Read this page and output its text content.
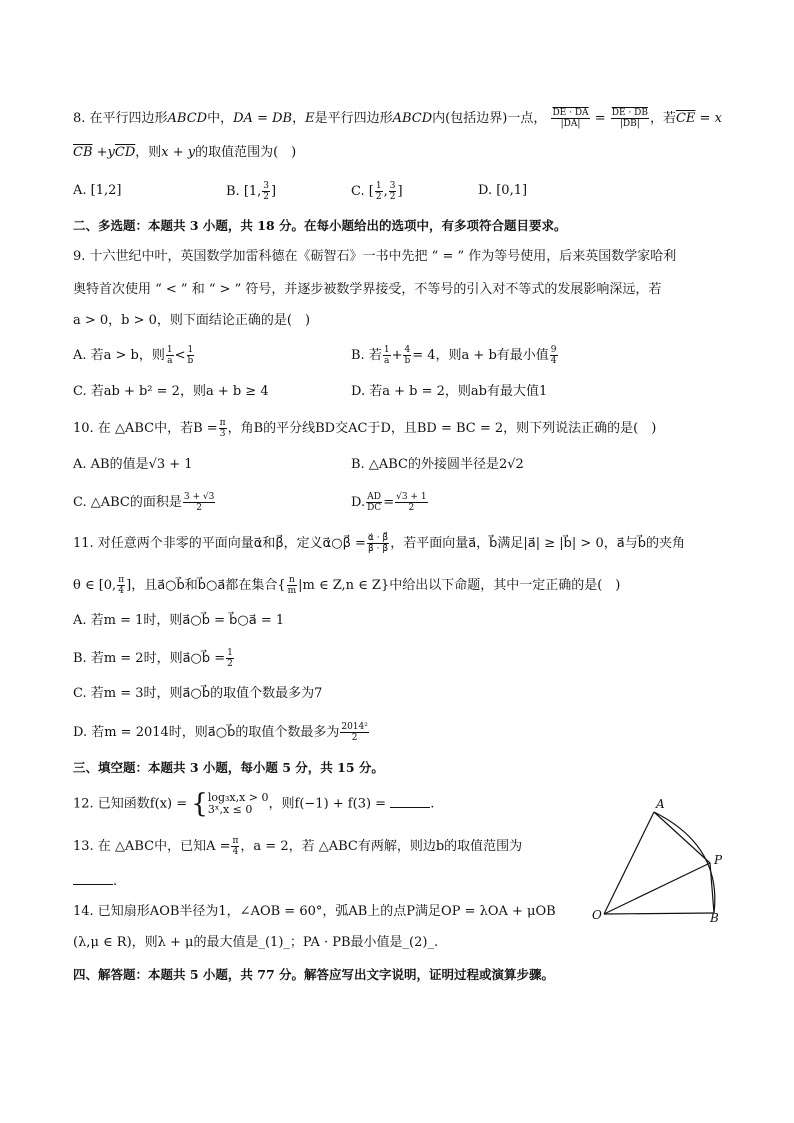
8. 在平行四边形ABCD中，DA = DB，E是平行四边形ABCD内(包括边界)一点， $\frac{DE \cdot DA}{|DA|} = \frac{DE \cdot DB}{|DB|}$ ，若$\overline{CE} = x$
$\overline{CB} +y\overline{CD}$，则x + y的取值范围为(　)
A. [1,2]	B. [1, $\frac{3}{2}$ ]	C. [ $\frac{1}{2}$ , $\frac{3}{2}$ ]	D. [0,1]
二、多选题：本题共 3 小题，共 18 分。在每小题给出的选项中，有多项符合题目要求。
9. 十六世纪中叶，英国数学加雷科德在《砺智石》一书中先把 “ = ” 作为等号使用，后来英国数学家哈利
奥特首次使用 “ < ” 和 “ > ” 符号，并逐步被数学界接受，不等号的引入对不等式的发展影响深远，若
a > 0，b > 0，则下面结论正确的是(　)
A. 若a > b，则 $\frac{1}{a} < \frac{1}{b}$	B. 若 $\frac{1}{a} + \frac{4}{b} = 4$，则a + b有最小值 $\frac{9}{4}$
C. 若ab + b² = 2，则a + b ≥ 4	D. 若a + b = 2，则ab有最大值1
10. 在 △ABC中，若$B = \frac{\pi}{3}$ ，角B的平分线BD交AC于D，且BD = BC = 2，则下列说法正确的是(　)
A. AB的值是√3 + 1	B. △ABC的外接圆半径是2√2
C. △ABC的面积是 $\frac{3 + √3}{2}$	D. $\frac{AD}{DC} = \frac{√3 + 1}{2}$
11. 对任意两个非零的平面向量α⃗和β⃗，定义α⃗○β⃗ = $\frac{\alpha⃗ \cdot \beta⃗}{\beta⃗ \cdot \beta⃗}$ ，若平面向量a⃗，b⃗满足|a⃗| ≥ |b⃗| > 0，a⃗与b⃗的夹角
θ ∈ [0, $\frac{\pi}{4}$ ]，且a⃗○b⃗和b⃗○a⃗都在集合{ $\frac{n}{m} |m$ ∈ Z,n ∈ Z}中给出以下命题，其中一定正确的是(　)
A. 若m = 1时，则a⃗○b⃗ = b⃗○a⃗ = 1
B. 若m = 2时，则a⃗○b⃗ = $\frac{1}{2}$
C. 若m = 3时，则a⃗○b⃗的取值个数最多为7
D. 若m = 2014时，则a⃗○b⃗的取值个数最多为 $\frac{\text{2014²}}{2}$
三、填空题：本题共 3 小题，每小题 5 分，共 15 分。
12. 已知函数f(x) = { log₃x,x > 0
3ˣ,x ≤ 0	，则f(−1) + f(3) =	.
13. 在 △ABC中，已知$A = \frac{\pi}{4}$ ，a = 2，若 △ABC有两解，则边b的取值范围为
.
14. 已知扇形AOB半径为1，∠AOB = 60°，弧AB上的点P满足OP = λOA + μOB
(λ,μ ∈ R)，则λ + μ的最大值是_(1)_；PA · PB最小值是_(2)_.
四、解答题：本题共 5 小题，共 77 分。解答应写出文字说明，证明过程或演算步骤。
A
P
O	B
